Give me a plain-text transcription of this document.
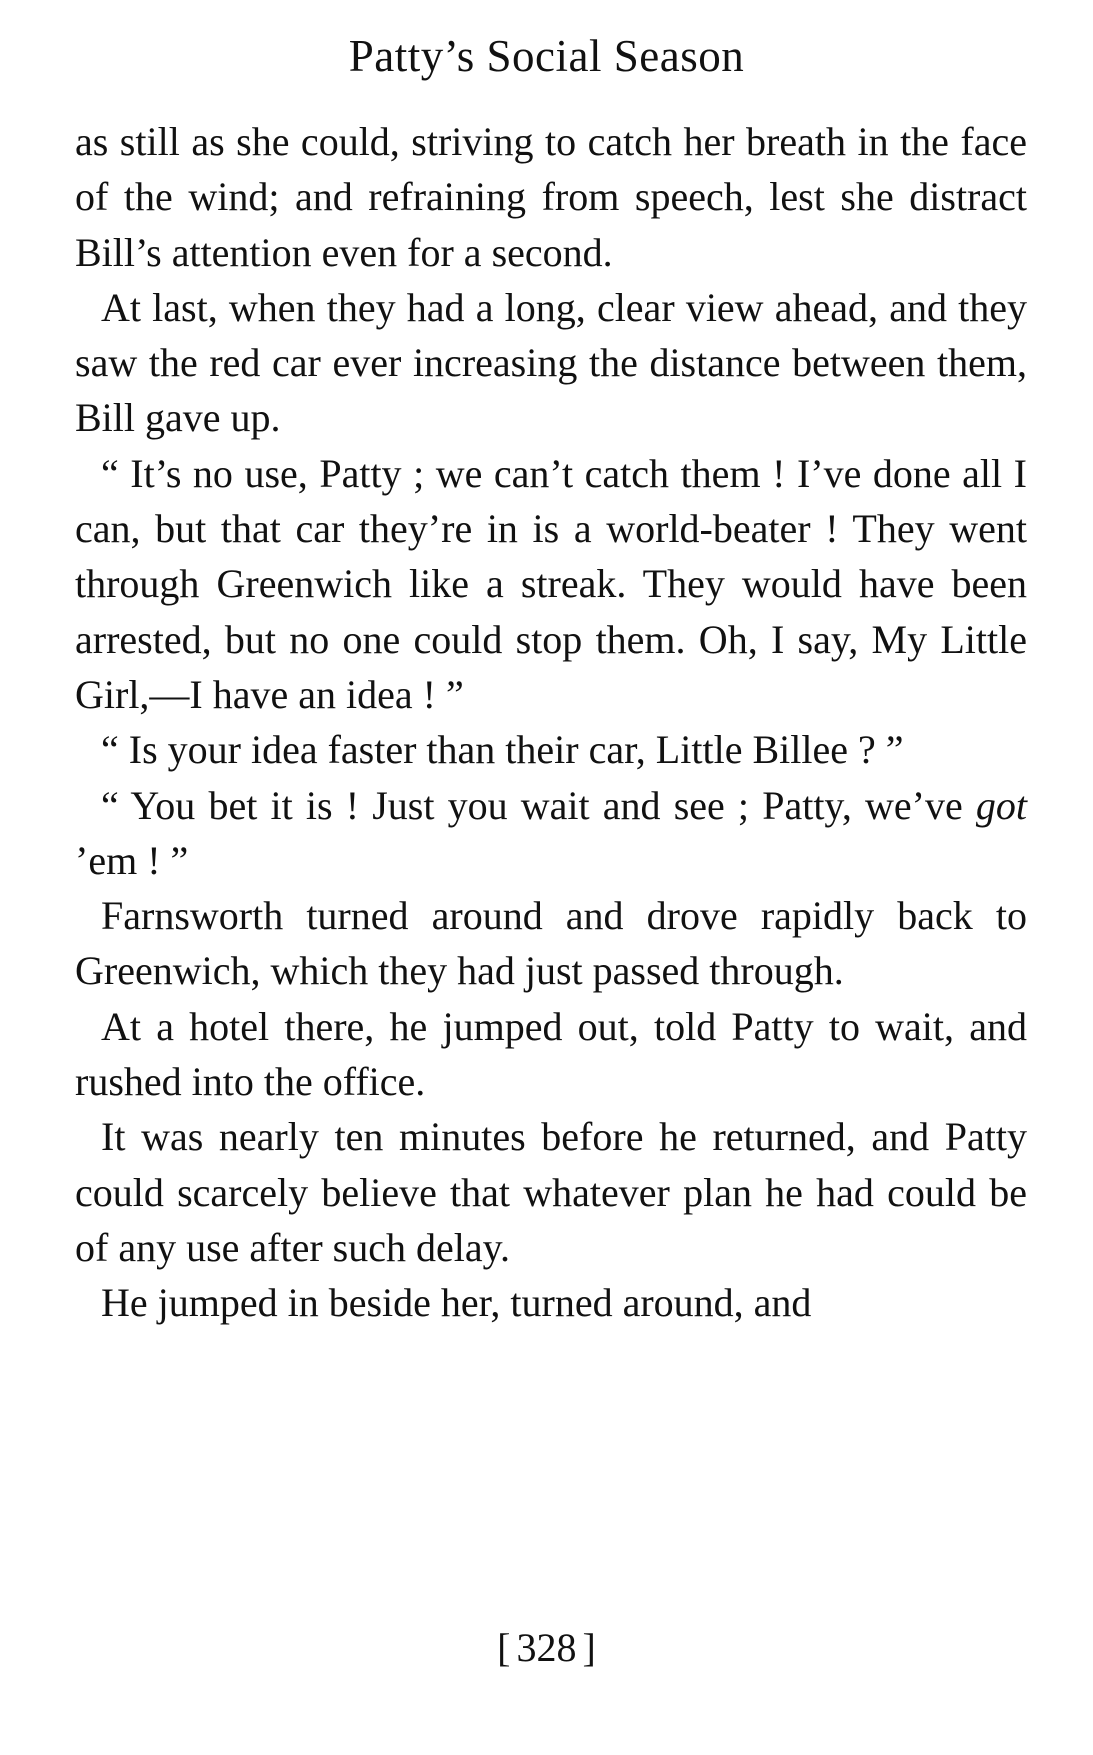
Patty’s Social Season

as still as she could, striving to catch her breath in the face of the wind; and refraining from speech, lest she distract Bill’s attention even for a second.

At last, when they had a long, clear view ahead, and they saw the red car ever increasing the distance between them, Bill gave up.

“ It’s no use, Patty ; we can’t catch them ! I’ve done all I can, but that car they’re in is a world-beater ! They went through Greenwich like a streak. They would have been arrested, but no one could stop them. Oh, I say, My Little Girl,—I have an idea ! ”

“ Is your idea faster than their car, Little Billee ? ”

“ You bet it is ! Just you wait and see ; Patty, we’ve got ’em ! ”

Farnsworth turned around and drove rapidly back to Greenwich, which they had just passed through.

At a hotel there, he jumped out, told Patty to wait, and rushed into the office.

It was nearly ten minutes before he returned, and Patty could scarcely believe that whatever plan he had could be of any use after such delay.

He jumped in beside her, turned around, and

[ 328 ]
